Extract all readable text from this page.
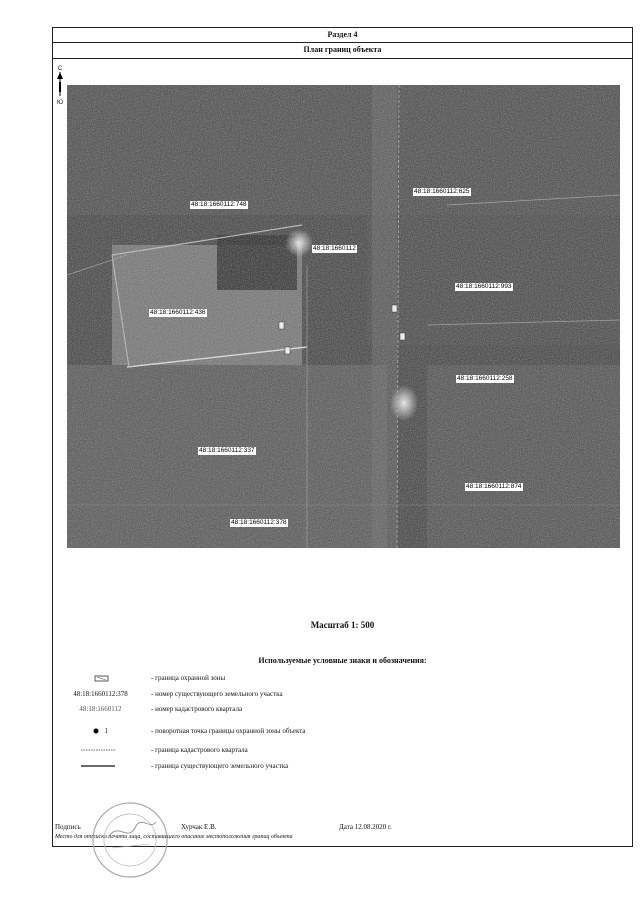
Раздел 4
План границ объекта
С
Ю
48:18:1660112:748
48:18:1660112:625
48:18:1660112
48:18:1660112:993
48:18:1660112:436
48:18:1660112:258
48:18:1660112:337
48:18:1660112:874
48:18:1660112:378
Масштаб 1: 500
Используемые условные знаки и обозначения:
- граница охранной зоны
48:18:1660112:378	- номер существующего земельного участка
48:18:1660112	- номер кадастрового квартала
1	- поворотная точка границы охранной зоны объекта
- граница кадастрового квартала
- граница существующего земельного участка
Подпись	Хурчак Е.В.	Дата 12.08.2020 г.
Место для оттиска печати лица, составившего описание местоположения границ объекта
